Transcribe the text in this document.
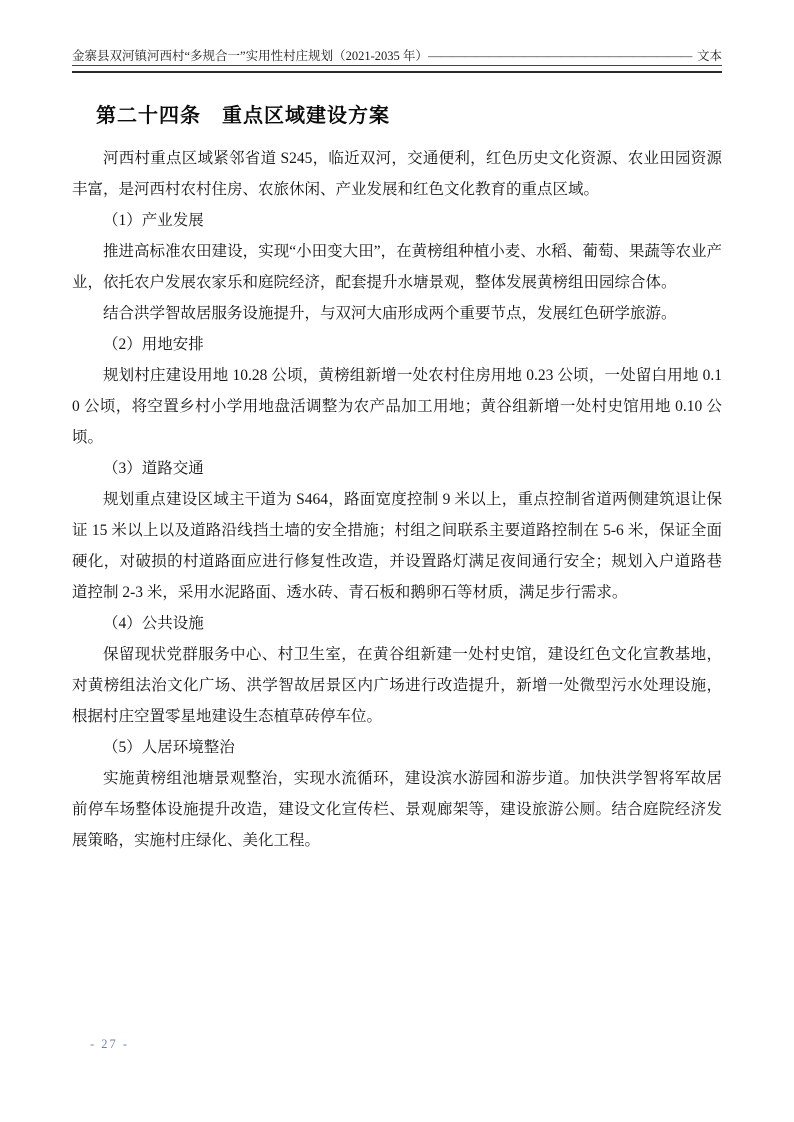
金寨县双河镇河西村“多规合一”实用性村庄规划（2021-2035 年） —————————————————————— 文本
第二十四条　重点区域建设方案

河西村重点区域紧邻省道 S245，临近双河，交通便利，红色历史文化资源、农业田园资源丰富，是河西村农村住房、农旅休闲、产业发展和红色文化教育的重点区域。

（1）产业发展

推进高标准农田建设，实现“小田变大田”，在黄榜组种植小麦、水稻、葡萄、果蔬等农业产业，依托农户发展农家乐和庭院经济，配套提升水塘景观，整体发展黄榜组田园综合体。

结合洪学智故居服务设施提升，与双河大庙形成两个重要节点，发展红色研学旅游。

（2）用地安排

规划村庄建设用地 10.28 公顷，黄榜组新增一处农村住房用地 0.23 公顷，一处留白用地 0.10 公顷，将空置乡村小学用地盘活调整为农产品加工用地；黄谷组新增一处村史馆用地 0.10 公顷。

（3）道路交通

规划重点建设区域主干道为 S464，路面宽度控制 9 米以上，重点控制省道两侧建筑退让保证 15 米以上以及道路沿线挡土墙的安全措施；村组之间联系主要道路控制在 5-6 米，保证全面硬化，对破损的村道路面应进行修复性改造，并设置路灯满足夜间通行安全；规划入户道路巷道控制 2-3 米，采用水泥路面、透水砖、青石板和鹅卵石等材质，满足步行需求。

（4）公共设施

保留现状党群服务中心、村卫生室，在黄谷组新建一处村史馆，建设红色文化宣教基地，对黄榜组法治文化广场、洪学智故居景区内广场进行改造提升，新增一处微型污水处理设施，根据村庄空置零星地建设生态植草砖停车位。

（5）人居环境整治

实施黄榜组池塘景观整治，实现水流循环，建设滨水游园和游步道。加快洪学智将军故居前停车场整体设施提升改造，建设文化宣传栏、景观廊架等，建设旅游公厕。结合庭院经济发展策略，实施村庄绿化、美化工程。

- 27 -
